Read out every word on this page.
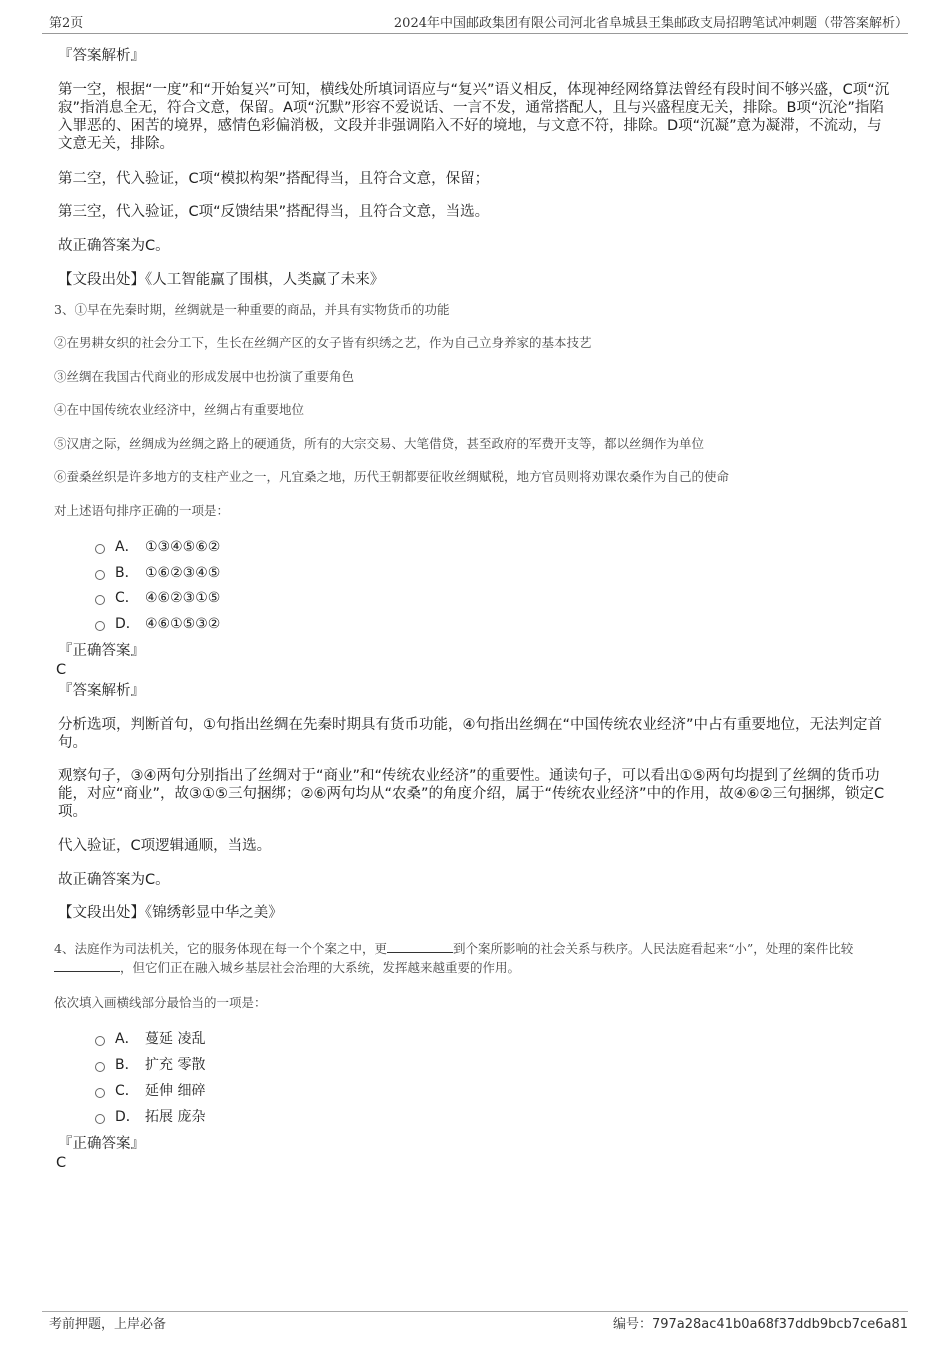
第2页	2024年中国邮政集团有限公司河北省阜城县王集邮政支局招聘笔试冲刺题（带答案解析）
『答案解析』
第一空，根据“一度”和“开始复兴”可知，横线处所填词语应与“复兴”语义相反，体现神经网络算法曾经有段时间不够兴盛，C项“沉寂”指消息全无，符合文意，保留。A项“沉默”形容不爱说话、一言不发，通常搭配人，且与兴盛程度无关，排除。B项“沉沦”指陷入罪恶的、困苦的境界，感情色彩偏消极，文段并非强调陷入不好的境地，与文意不符，排除。D项“沉凝”意为凝滞，不流动，与文意无关，排除。
第二空，代入验证，C项“模拟构架”搭配得当，且符合文意，保留；
第三空，代入验证，C项“反馈结果”搭配得当，且符合文意，当选。
故正确答案为C。
【文段出处】《人工智能赢了围棋，人类赢了未来》
3、①早在先秦时期，丝绸就是一种重要的商品，并具有实物货币的功能
②在男耕女织的社会分工下，生长在丝绸产区的女子皆有织绣之艺，作为自己立身养家的基本技艺
③丝绸在我国古代商业的形成发展中也扮演了重要角色
④在中国传统农业经济中，丝绸占有重要地位
⑤汉唐之际，丝绸成为丝绸之路上的硬通货，所有的大宗交易、大笔借贷，甚至政府的军费开支等，都以丝绸作为单位
⑥蚕桑丝织是许多地方的支柱产业之一，凡宜桑之地，历代王朝都要征收丝绸赋税，地方官员则将劝课农桑作为自己的使命
对上述语句排序正确的一项是：
A． ①③④⑤⑥②
B． ①⑥②③④⑤
C． ④⑥②③①⑤
D． ④⑥①⑤③②
『正确答案』
C
『答案解析』
分析选项，判断首句，①句指出丝绸在先秦时期具有货币功能，④句指出丝绸在“中国传统农业经济”中占有重要地位，无法判定首句。
观察句子，③④两句分别指出了丝绸对于“商业”和“传统农业经济”的重要性。通读句子，可以看出①⑤两句均提到了丝绸的货币功能，对应“商业”，故③①⑤三句捆绑；②⑥两句均从“农桑”的角度介绍，属于“传统农业经济”中的作用，故④⑥②三句捆绑，锁定C项。
代入验证，C项逻辑通顺，当选。
故正确答案为C。
【文段出处】《锦绣彰显中华之美》
4、法庭作为司法机关，它的服务体现在每一个个案之中，更	到个案所影响的社会关系与秩序。人民法庭看起来“小”，处理的案件比较，但它们正在融入城乡基层社会治理的大系统，发挥越来越重要的作用。
依次填入画横线部分最恰当的一项是：
A． 蔓延 凌乱
B． 扩充 零散
C． 延伸 细碎
D． 拓展 庞杂
『正确答案』
C
考前押题，上岸必备	编号：797a28ac41b0a68f37ddb9bcb7ce6a81
